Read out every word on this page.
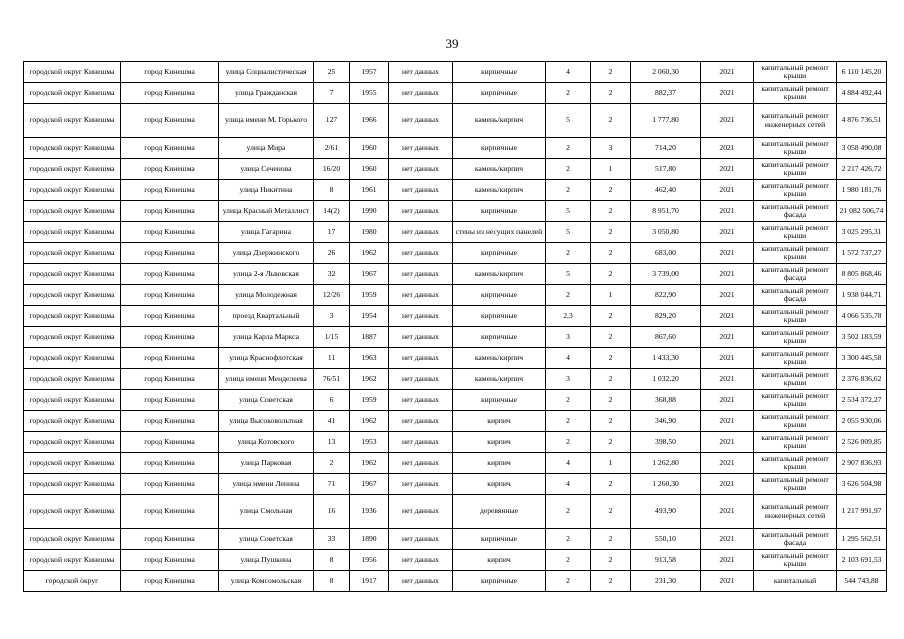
39
городской округ Кинешма	город Кинешма	улица Социалистическая	25	1957	нет данных	кирпичные	4	2	2 060,30	2021	капитальный ремонт крыши	6 110 145,20
городской округ Кинешма	город Кинешма	улица Гражданская	7	1955	нет данных	кирпичные	2	2	882,37	2021	капитальный ремонт крыши	4 884 492,44
городской округ Кинешма	город Кинешма	улица имени М. Горького	127	1966	нет данных	камень/кирпич	5	2	1 777,80	2021	капитальный ремонт инженерных сетей	4 876 736,51
городской округ Кинешма	город Кинешма	улица Мира	2/61	1960	нет данных	кирпичные	2	3	714,20	2021	капитальный ремонт крыши	3 058 490,08
городской округ Кинешма	город Кинешма	улица Сеченова	16/20	1960	нет данных	камень/кирпич	2	1	517,80	2021	капитальный ремонт крыши	2 217 426,72
городской округ Кинешма	город Кинешма	улица Никитина	8	1961	нет данных	камень/кирпич	2	2	462,40	2021	капитальный ремонт крыши	1 980 181,76
городской округ Кинешма	город Кинешма	улица Красный Металлист	14(2)	1990	нет данных	кирпичные	5	2	8 951,70	2021	капитальный ремонт фасада	21 082 506,74
городской округ Кинешма	город Кинешма	улица Гагарина	17	1980	нет данных	стены из несущих панелей	5	2	3 050,80	2021	капитальный ремонт крыши	3 025 295,31
городской округ Кинешма	город Кинешма	улица Дзержинского	26	1962	нет данных	кирпичные	2	2	683,00	2021	капитальный ремонт крыши	1 572 737,27
городской округ Кинешма	город Кинешма	улица 2-я Львовская	32	1967	нет данных	камень/кирпич	5	2	3 739,00	2021	капитальный ремонт фасада	8 805 868,46
городской округ Кинешма	город Кинешма	улица Молодежная	12/26	1959	нет данных	кирпичные	2	1	822,90	2021	капитальный ремонт фасада	1 938 044,71
городской округ Кинешма	город Кинешма	проезд Квартальный	3	1954	нет данных	кирпичные	2,3	2	829,20	2021	капитальный ремонт крыши	4 066 535,78
городской округ Кинешма	город Кинешма	улица Карла Маркса	1/15	1887	нет данных	кирпичные	3	2	867,60	2021	капитальный ремонт крыши	3 502 183,59
городской округ Кинешма	город Кинешма	улица Краснофлотская	11	1963	нет данных	камень/кирпич	4	2	1 433,30	2021	капитальный ремонт крыши	3 300 445,58
городской округ Кинешма	город Кинешма	улица имени Менделеева	76/51	1962	нет данных	камень/кирпич	3	2	1 032,20	2021	капитальный ремонт крыши	2 376 836,62
городской округ Кинешма	город Кинешма	улица Советская	6	1959	нет данных	кирпичные	2	2	368,88	2021	капитальный ремонт крыши	2 534 372,27
городской округ Кинешма	город Кинешма	улица Высоковольтная	41	1962	нет данных	кирпич	2	2	346,90	2021	капитальный ремонт крыши	2 055 930,06
городской округ Кинешма	город Кинешма	улица Котовского	13	1953	нет данных	кирпич	2	2	398,50	2021	капитальный ремонт крыши	2 526 009,85
городской округ Кинешма	город Кинешма	улица Парковая	2	1962	нет данных	кирпич	4	1	1 262,80	2021	капитальный ремонт крыши	2 907 836,93
городской округ Кинешма	город Кинешма	улица имени Ленина	71	1967	нет данных	кирпич	4	2	1 260,30	2021	капитальный ремонт крыши	3 626 504,98
городской округ Кинешма	город Кинешма	улица Смольная	16	1936	нет данных	деревянные	2	2	493,90	2021	капитальный ремонт инженерных сетей	1 217 991,97
городской округ Кинешма	город Кинешма	улица Советская	33	1890	нет данных	кирпичные	2	2	550,10	2021	капитальный ремонт фасада	1 295 562,51
городской округ Кинешма	город Кинешма	улица Пушкина	8	1956	нет данных	кирпич	2	2	913,58	2021	капитальный ремонт крыши	2 103 691,53
городской округ	город Кинешма	улица Комсомольская	8	1917	нет данных	кирпичные	2	2	231,30	2021	капитальный	544 743,88
